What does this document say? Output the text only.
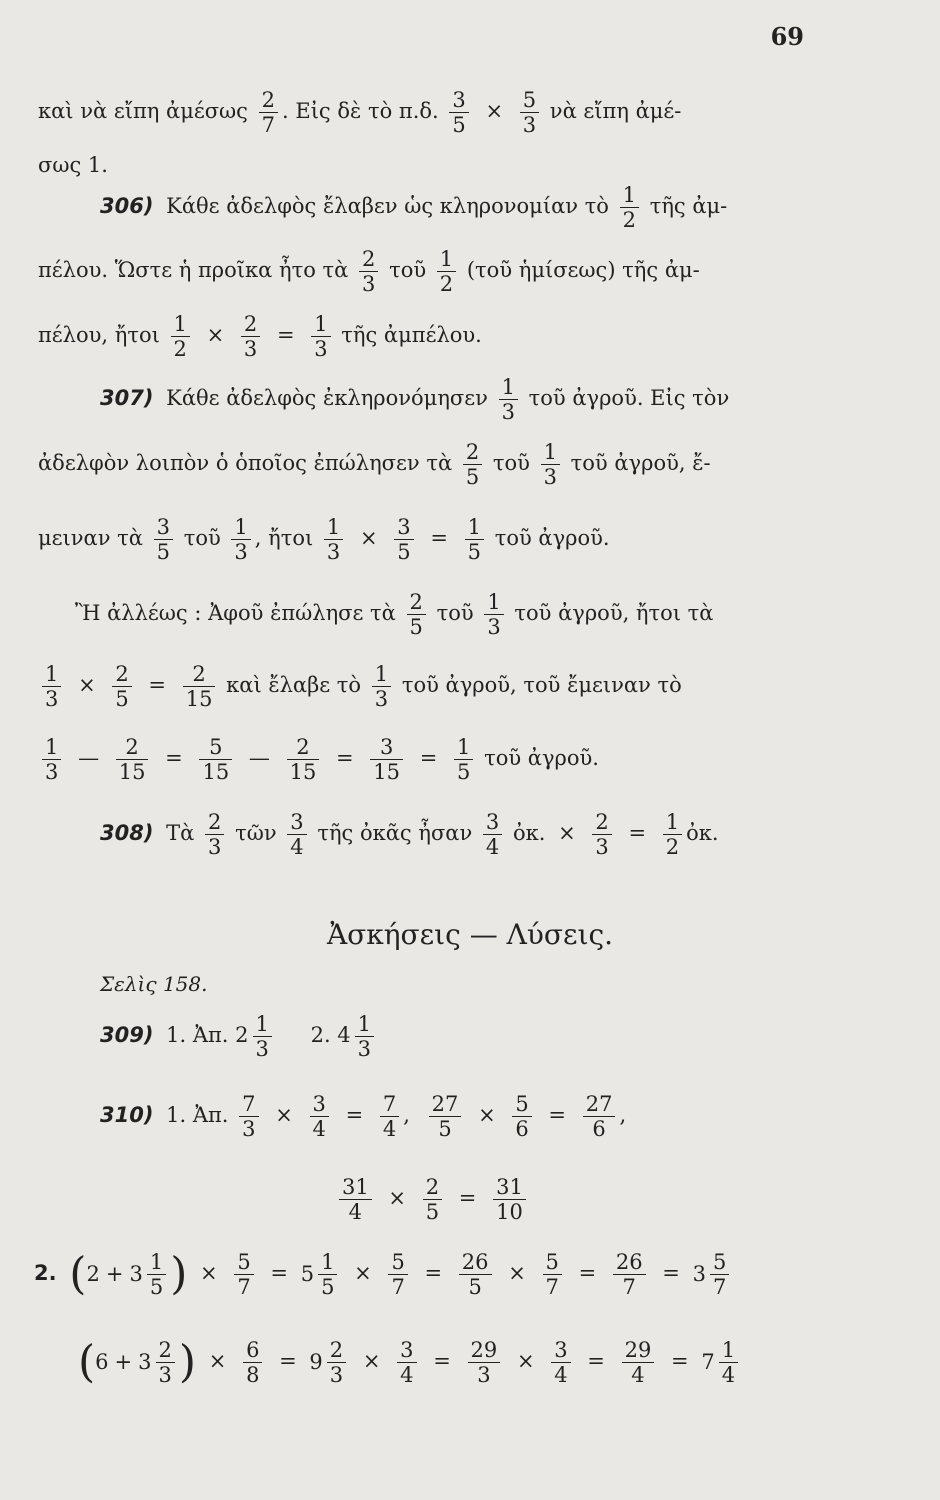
69
καὶ νὰ εἴπη ἀμέσως $\frac{2}{7}$ . Εἰς δὲ τὸ π.δ. $\frac{3}{5} \times \frac{5}{3}$ νὰ εἴπη ἀμέ-
σως 1.
306) Κάθε ἀδελφὸς ἔλαβεν ὡς κληρονομίαν τὸ $\frac{1}{2}$ τῆς ἀμ-
πέλου. Ὥστε ἡ προῖκα ἦτο τὰ $\frac{2}{3}$ τοῦ $\frac{1}{2}$ (τοῦ ἡμίσεως) τῆς ἀμ-
πέλου, ἤτοι $\frac{1}{2} \times \frac{2}{3} = \frac{1}{3}$ τῆς ἀμπέλου.
307) Κάθε ἀδελφὸς ἐκληρονόμησεν $\frac{1}{3}$ τοῦ ἀγροῦ. Εἰς τὸν
ἀδελφὸν λοιπὸν ὁ ὁποῖος ἐπώλησεν τὰ $\frac{2}{5}$ τοῦ $\frac{1}{3}$ τοῦ ἀγροῦ, ἔ-
μειναν τὰ $\frac{3}{5}$ τοῦ $\frac{1}{3}$ , ἤτοι $\frac{1}{3} \times \frac{3}{5} = \frac{1}{5}$ τοῦ ἀγροῦ.
Ἢ ἀλλέως : Ἀφοῦ ἐπώλησε τὰ $\frac{2}{5}$ τοῦ $\frac{1}{3}$ τοῦ ἀγροῦ, ἤτοι τὰ
$\frac{1}{3} \times \frac{2}{5} = \frac{2}{15}$ καὶ ἔλαβε τὸ $\frac{1}{3}$ τοῦ ἀγροῦ, τοῦ ἔμειναν τὸ
$\frac{1}{3}$ — $\frac{2}{15} = \frac{5}{15}$ — $\frac{2}{15} = \frac{3}{15} = \frac{1}{5}$ τοῦ ἀγροῦ.
308) Τὰ $\frac{2}{3}$ τῶν $\frac{3}{4}$ τῆς ὀκᾶς ἦσαν $\frac{3}{4}$ ὀκ. × $\frac{2}{3} = \frac{1}{2}$ ὀκ.
Ἀσκήσεις — Λύσεις.
Σελὶς 158.
309) 1. Ἀπ. $2 \frac{1}{3} 2$. $4 \frac{1}{3}$
310) 1. Ἀπ. $\frac{7}{3} \times \frac{3}{4} = \frac{7}{4}$ , $\frac{27}{5} \times \frac{5}{6} = \frac{27}{6}$ ,
$\frac{31}{4} \times \frac{2}{5} = \frac{31}{10}$
2. ($2 + 3 \frac{1}{5}$ ) × $\frac{5}{7} = 5 \frac{1}{5} \times \frac{5}{7} = \frac{26}{5} \times \frac{5}{7} = \frac{26}{7} = 3 \frac{5}{7}$
($6 + 3 \frac{2}{3}$ ) × $\frac{6}{8} = 9 \frac{2}{3} \times \frac{3}{4} = \frac{29}{3} \times \frac{3}{4} = \frac{29}{4} = 7 \frac{1}{4}$
